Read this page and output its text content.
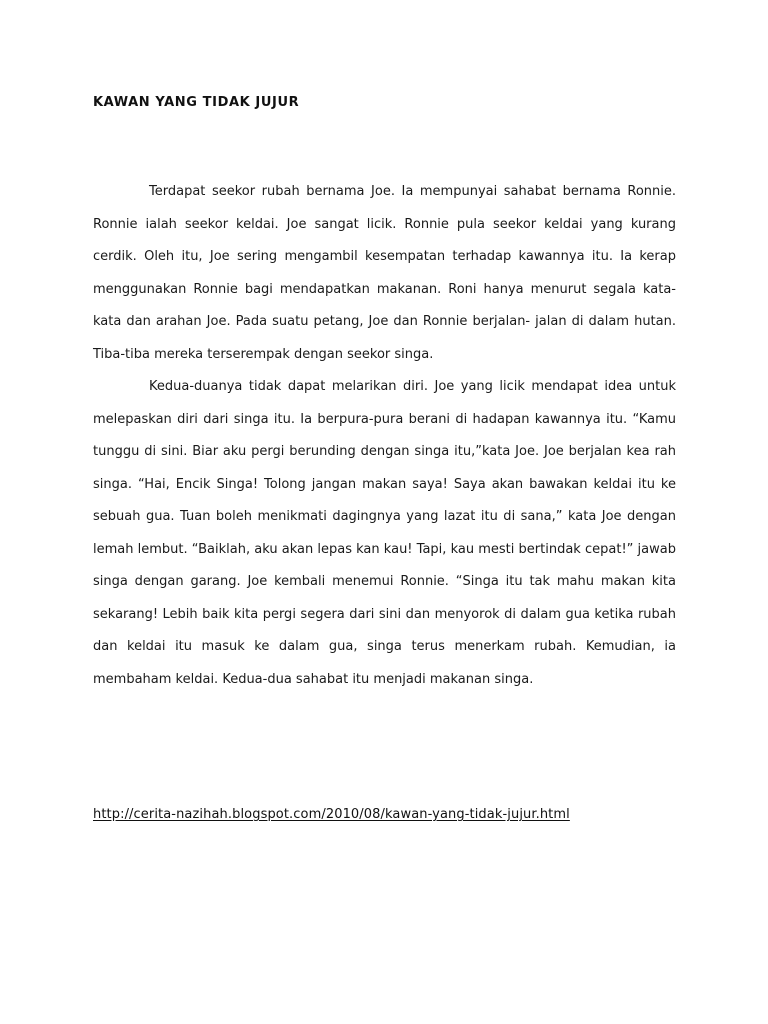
KAWAN YANG TIDAK JUJUR

Terdapat seekor rubah bernama Joe. Ia mempunyai sahabat bernama Ronnie. Ronnie ialah seekor keldai. Joe sangat licik. Ronnie pula seekor keldai yang kurang cerdik. Oleh itu, Joe sering mengambil kesempatan terhadap kawannya itu. Ia kerap menggunakan Ronnie bagi mendapatkan makanan. Roni hanya menurut segala kata-kata dan arahan Joe. Pada suatu petang, Joe dan Ronnie berjalan- jalan di dalam hutan. Tiba-tiba mereka terserempak dengan seekor singa.

Kedua-duanya tidak dapat melarikan diri. Joe yang licik mendapat idea untuk melepaskan diri dari singa itu. Ia berpura-pura berani di hadapan kawannya itu. “Kamu tunggu di sini. Biar aku pergi berunding dengan singa itu,”kata Joe. Joe berjalan kea rah singa. “Hai, Encik Singa! Tolong jangan makan saya! Saya akan bawakan keldai itu ke sebuah gua. Tuan boleh menikmati dagingnya yang lazat itu di sana,” kata Joe dengan lemah lembut. “Baiklah, aku akan lepas kan kau! Tapi, kau mesti bertindak cepat!” jawab singa dengan garang. Joe kembali menemui Ronnie. “Singa itu tak mahu makan kita sekarang! Lebih baik kita pergi segera dari sini dan menyorok di dalam gua ketika rubah dan keldai itu masuk ke dalam gua, singa terus menerkam rubah. Kemudian, ia membaham keldai. Kedua-dua sahabat itu menjadi makanan singa.

http://cerita-nazihah.blogspot.com/2010/08/kawan-yang-tidak-jujur.html
